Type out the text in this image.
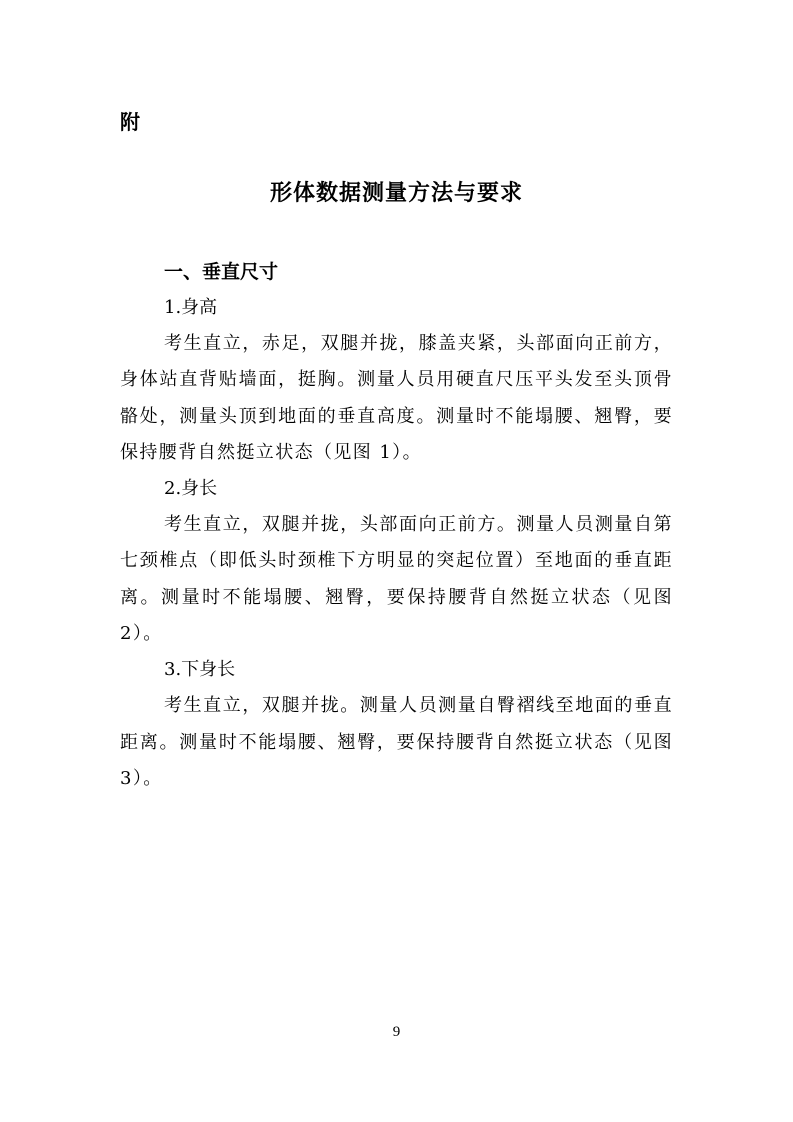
附
形体数据测量方法与要求
一、垂直尺寸
1.身高

考生直立，赤足，双腿并拢，膝盖夹紧，头部面向正前方，身体站直背贴墙面，挺胸。测量人员用硬直尺压平头发至头顶骨骼处，测量头顶到地面的垂直高度。测量时不能塌腰、翘臀，要保持腰背自然挺立状态（见图 1）。

2.身长

考生直立，双腿并拢，头部面向正前方。测量人员测量自第七颈椎点（即低头时颈椎下方明显的突起位置）至地面的垂直距离。测量时不能塌腰、翘臀，要保持腰背自然挺立状态（见图 2）。

3.下身长

考生直立，双腿并拢。测量人员测量自臀褶线至地面的垂直距离。测量时不能塌腰、翘臀，要保持腰背自然挺立状态（见图 3）。

9
